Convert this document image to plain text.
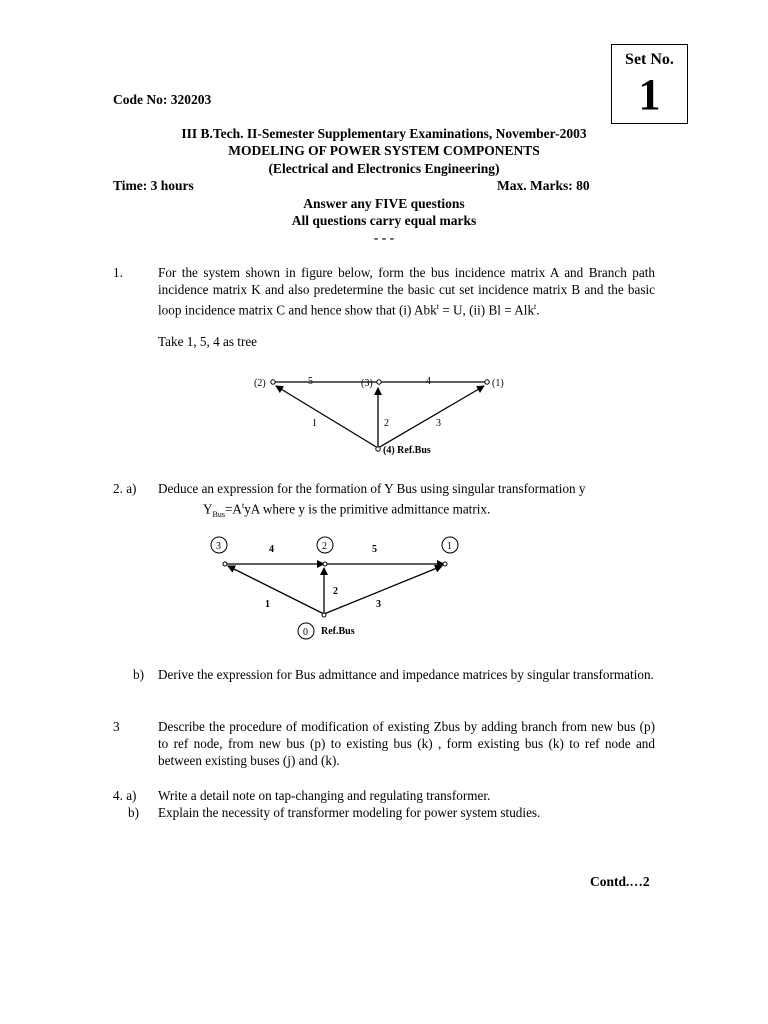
Set No.
1
Code No: 320203
III B.Tech. II-Semester Supplementary Examinations, November-2003
MODELING OF POWER SYSTEM COMPONENTS
(Electrical and Electronics Engineering)
Time: 3 hours	Max. Marks: 80
Answer any FIVE questions
All questions carry equal marks
- - -
1.	For the system shown in figure below, form the bus incidence matrix A and Branch path incidence matrix K and also predetermine the basic cut set incidence matrix B and the basic loop incidence matrix C and hence show that (i) Abk$^t$ = U, (ii) Bl = Alk$^t$.
Take 1, 5, 4 as tree
(2)	(3)	(1)
5	4
1	2	3
(4) Ref.Bus
2. a) Deduce an expression for the formation of Y Bus using singular transformation y
$Y_{Bus}=A^tyA$ where y is the primitive admittance matrix.
3	2	1
0
4	5
2
1	3
Ref.Bus
b) Derive the expression for Bus admittance and impedance matrices by singular transformation.
3	Describe the procedure of modification of existing Zbus by adding branch from new bus (p) to ref node, from new bus (p) to existing bus (k) , form existing bus (k) to ref node and between existing buses (j) and (k).
4. a) Write a detail note on tap-changing and regulating transformer.
b) Explain the necessity of transformer modeling for power system studies.
Contd.…2
